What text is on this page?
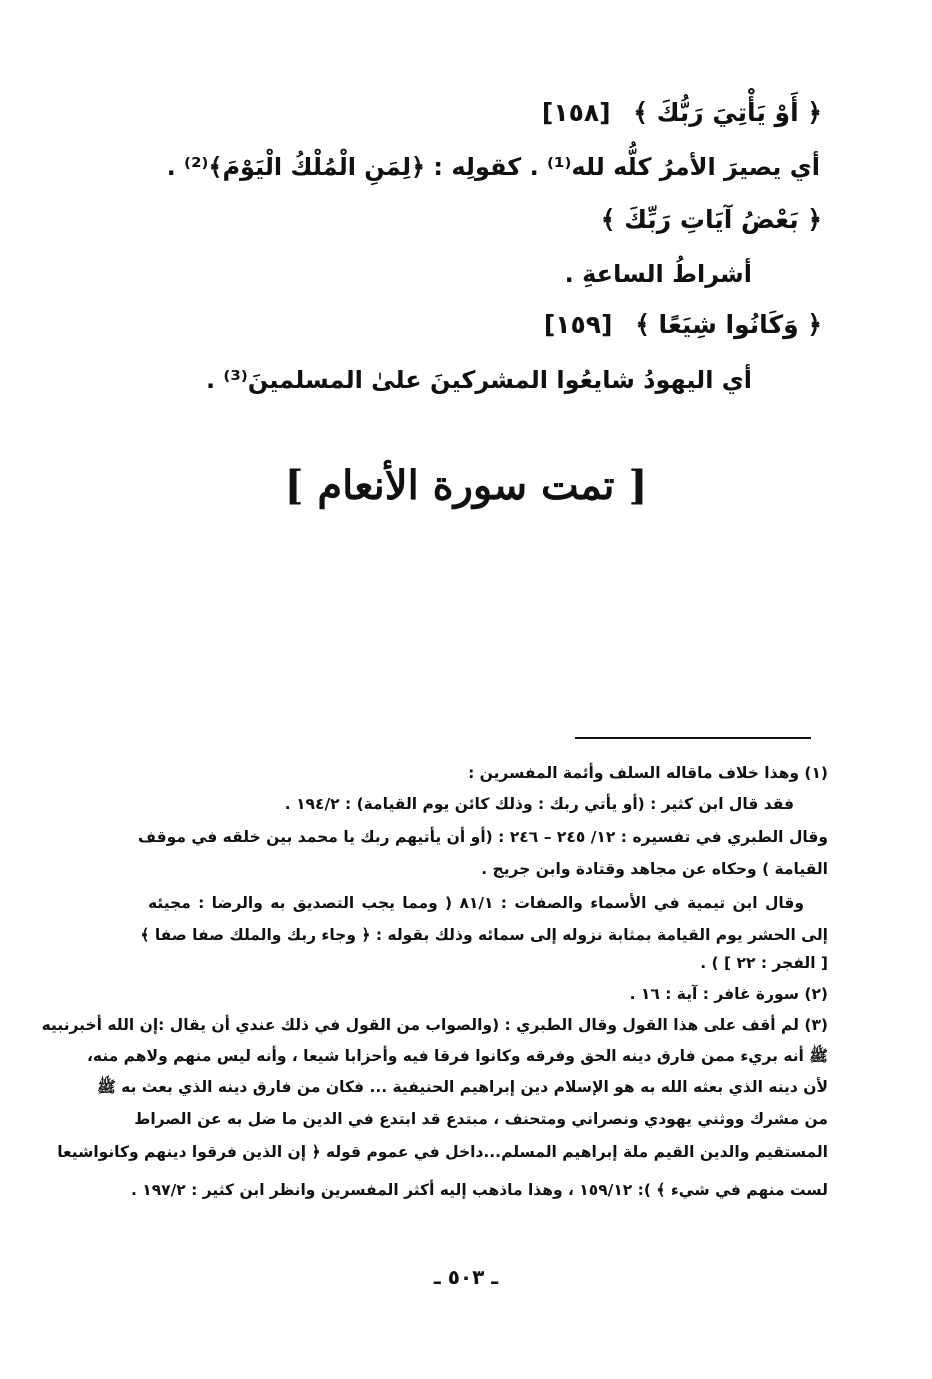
﴿ أَوْ يَأْتِيَ رَبُّكَ ﴾ [١٥٨]
أي يصيرَ الأمرُ كلُّه لله⁽¹⁾ . كقولِه : ﴿لِمَنِ الْمُلْكُ الْيَوْمَ﴾⁽²⁾ .
﴿ بَعْضُ آيَاتِ رَبِّكَ ﴾
أشراطُ الساعةِ .
﴿ وَكَانُوا شِيَعًا ﴾ [١٥٩]
أي اليهودُ شايعُوا المشركينَ علىٰ المسلمينَ⁽³⁾ .
[ تمت سورة الأنعام ]
(١) وهذا خلاف ماقاله السلف وأئمة المفسرين :
فقد قال ابن كثير : (أو يأتي ربك : وذلك كائن يوم القيامة) : ١٩٤/٢ .
وقال الطبري في تفسيره : ١٢/ ٢٤٥ – ٢٤٦ : (أو أن يأتيهم ربك يا محمد بين خلقه في موقف
القيامة ) وحكاه عن مجاهد وقتادة وابن جريج .
وقال ابن تيمية في الأسماء والصفات : ٨١/١ ( ومما يجب التصديق به والرضا : مجيئه
إلى الحشر يوم القيامة بمثابة نزوله إلى سمائه وذلك بقوله : ﴿ وجاء ربك والملك صفا صفا ﴾
[ الفجر : ٢٢ ] ) .
(٢) سورة غافر : آية : ١٦ .
(٣) لم أقف على هذا القول وقال الطبري : (والصواب من القول في ذلك عندي أن يقال :إن الله أخبرنبيه
ﷺ أنه بريء ممن فارق دينه الحق وفرقه وكانوا فرقا فيه وأحزابا شيعا ، وأنه ليس منهم ولاهم منه،
لأن دينه الذي بعثه الله به هو الإسلام دين إبراهيم الحنيفية ... فكان من فارق دينه الذي بعث به ﷺ
من مشرك ووثني يهودي ونصراني ومتحنف ، مبتدع قد ابتدع في الدين ما ضل به عن الصراط
المستقيم والدين القيم ملة إبراهيم المسلم...داخل في عموم قوله ﴿ إن الذين فرقوا دينهم وكانواشيعا
لست منهم في شيء ﴾ ): ١٥٩/١٢ ، وهذا ماذهب إليه أكثر المفسرين وانظر ابن كثير : ١٩٧/٢ .
ـ ٥٠٣ ـ
